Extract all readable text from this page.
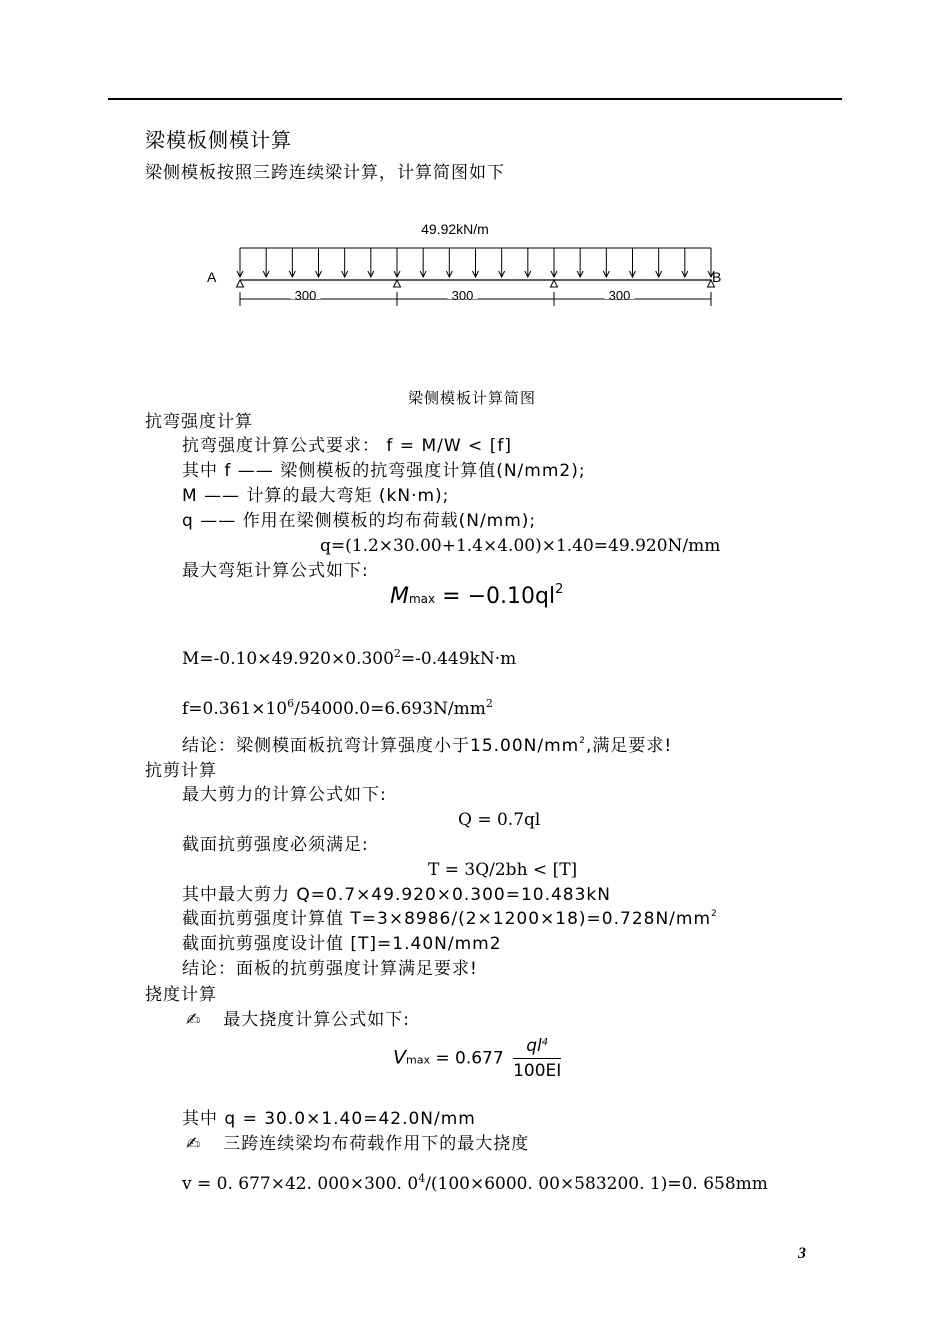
梁模板侧模计算
梁侧模板按照三跨连续梁计算，计算简图如下
49.92kN/m
A	B
300	300	300
梁侧模板计算简图
抗弯强度计算
抗弯强度计算公式要求： f = M/W < [f]
其中 f —— 梁侧模板的抗弯强度计算值(N/mm2);
M —— 计算的最大弯矩 (kN·m);
q —— 作用在梁侧模板的均布荷载(N/mm);
q=(1.2×30.00+1.4×4.00)×1.40=49.920N/mm
最大弯矩计算公式如下:
$Mmax = -0.10ql^2$
$M=-0.10\times 49.920\times 0.300^2=-0.449kN\cdot m$
$f=0.361\times 10^6/54000.0=6.693N/mm^2$
结论：梁侧模面板抗弯计算强度小于$15.00N/mm^2$,满足要求!
抗剪计算
最大剪力的计算公式如下:
Q = 0.7ql
截面抗剪强度必须满足:
T = 3Q/2bh < [T]
其中最大剪力 Q=0.7×49.920×0.300=10.483kN
截面抗剪强度计算值 $T=3\times 8986/(2\times 1200\times 18)=0.728N/mm^2$
截面抗剪强度设计值 [T]=1.40N/mm2
结论：面板的抗剪强度计算满足要求!
挠度计算
✍ 最大挠度计算公式如下:
$Vmax = 0.677 \frac{ql^4}{100EI}$
其中 q = 30.0×1.40=42.0N/mm
✍ 三跨连续梁均布荷载作用下的最大挠度
v = 0. 677×42. 000×300. $0^4/(100\times 6000$. 00×583200. 1)=0. 658mm
3
